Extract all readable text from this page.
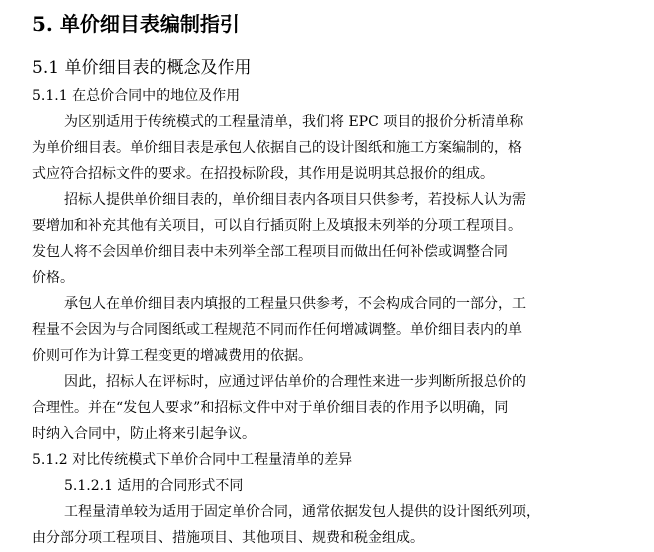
5. 单价细目表编制指引
5.1 单价细目表的概念及作用
5.1.1 在总价合同中的地位及作用
为区别适用于传统模式的工程量清单，我们将 EPC 项目的报价分析清单称
为单价细目表。单价细目表是承包人依据自己的设计图纸和施工方案编制的，格
式应符合招标文件的要求。在招投标阶段，其作用是说明其总报价的组成。
招标人提供单价细目表的，单价细目表内各项目只供参考，若投标人认为需
要增加和补充其他有关项目，可以自行插页附上及填报未列举的分项工程项目。
发包人将不会因单价细目表中未列举全部工程项目而做出任何补偿或调整合同
价格。
承包人在单价细目表内填报的工程量只供参考，不会构成合同的一部分，工
程量不会因为与合同图纸或工程规范不同而作任何增减调整。单价细目表内的单
价则可作为计算工程变更的增减费用的依据。
因此，招标人在评标时，应通过评估单价的合理性来进一步判断所报总价的
合理性。并在“发包人要求”和招标文件中对于单价细目表的作用予以明确，同
时纳入合同中，防止将来引起争议。
5.1.2 对比传统模式下单价合同中工程量清单的差异
5.1.2.1 适用的合同形式不同
工程量清单较为适用于固定单价合同，通常依据发包人提供的设计图纸列项，
由分部分项工程项目、措施项目、其他项目、规费和税金组成。
